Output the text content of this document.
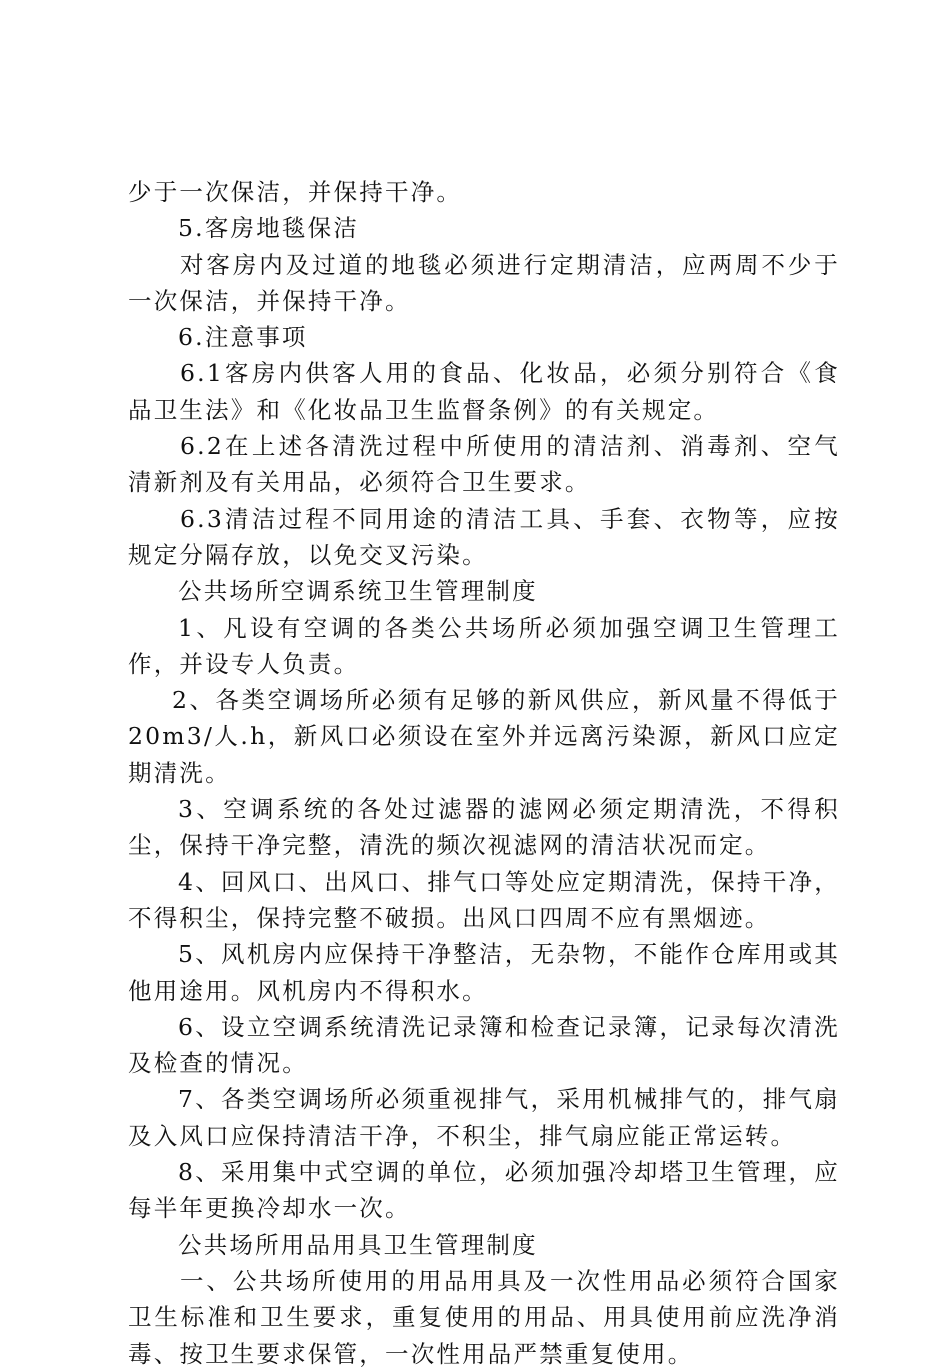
少于一次保洁，并保持干净。

5.客房地毯保洁

对客房内及过道的地毯必须进行定期清洁，应两周不少于一次保洁，并保持干净。

6.注意事项

6.1客房内供客人用的食品、化妆品，必须分别符合《食品卫生法》和《化妆品卫生监督条例》的有关规定。

6.2在上述各清洗过程中所使用的清洁剂、消毒剂、空气清新剂及有关用品，必须符合卫生要求。

6.3清洁过程不同用途的清洁工具、手套、衣物等，应按规定分隔存放，以免交叉污染。

公共场所空调系统卫生管理制度

1、凡设有空调的各类公共场所必须加强空调卫生管理工作，并设专人负责。

2、各类空调场所必须有足够的新风供应，新风量不得低于20m3/人.h，新风口必须设在室外并远离污染源，新风口应定期清洗。

3、空调系统的各处过滤器的滤网必须定期清洗，不得积尘，保持干净完整，清洗的频次视滤网的清洁状况而定。

4、回风口、出风口、排气口等处应定期清洗，保持干净，不得积尘，保持完整不破损。出风口四周不应有黑烟迹。

5、风机房内应保持干净整洁，无杂物，不能作仓库用或其他用途用。风机房内不得积水。

6、设立空调系统清洗记录簿和检查记录簿，记录每次清洗及检查的情况。

7、各类空调场所必须重视排气，采用机械排气的，排气扇及入风口应保持清洁干净，不积尘，排气扇应能正常运转。

8、采用集中式空调的单位，必须加强冷却塔卫生管理，应每半年更换冷却水一次。

公共场所用品用具卫生管理制度

一、公共场所使用的用品用具及一次性用品必须符合国家卫生标准和卫生要求，重复使用的用品、用具使用前应洗净消毒、按卫生要求保管，一次性用品严禁重复使用。
